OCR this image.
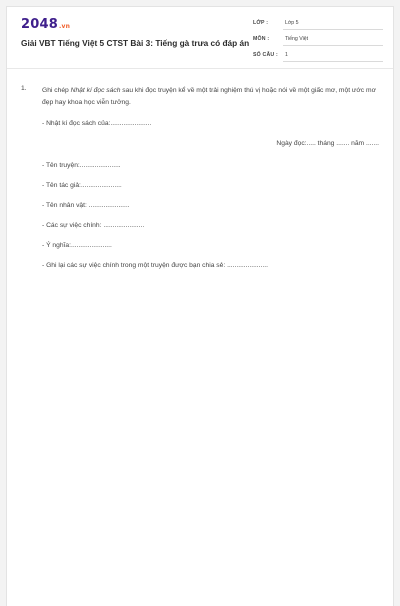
2048.vn
Giải VBT Tiếng Việt 5 CTST Bài 3: Tiếng gà trưa có đáp án
LỚP :	Lớp 5
MÔN :	Tiếng Việt
SỐ CÂU :	1
1. Ghi chép Nhật kí đọc sách sau khi đọc truyện kể về một trải nghiệm thú vị hoặc nói về một giấc mơ, một ước mơ đẹp hay khoa học viễn tưởng.
- Nhật kí đọc sách của:......................
Ngày đọc:..... tháng ....... năm .......
- Tên truyện:......................
- Tên tác giả:......................
- Tên nhân vật: ......................
- Các sự việc chính: ......................
- Ý nghĩa:......................
- Ghi lại các sự việc chính trong một truyện được bạn chia sẻ: ......................
